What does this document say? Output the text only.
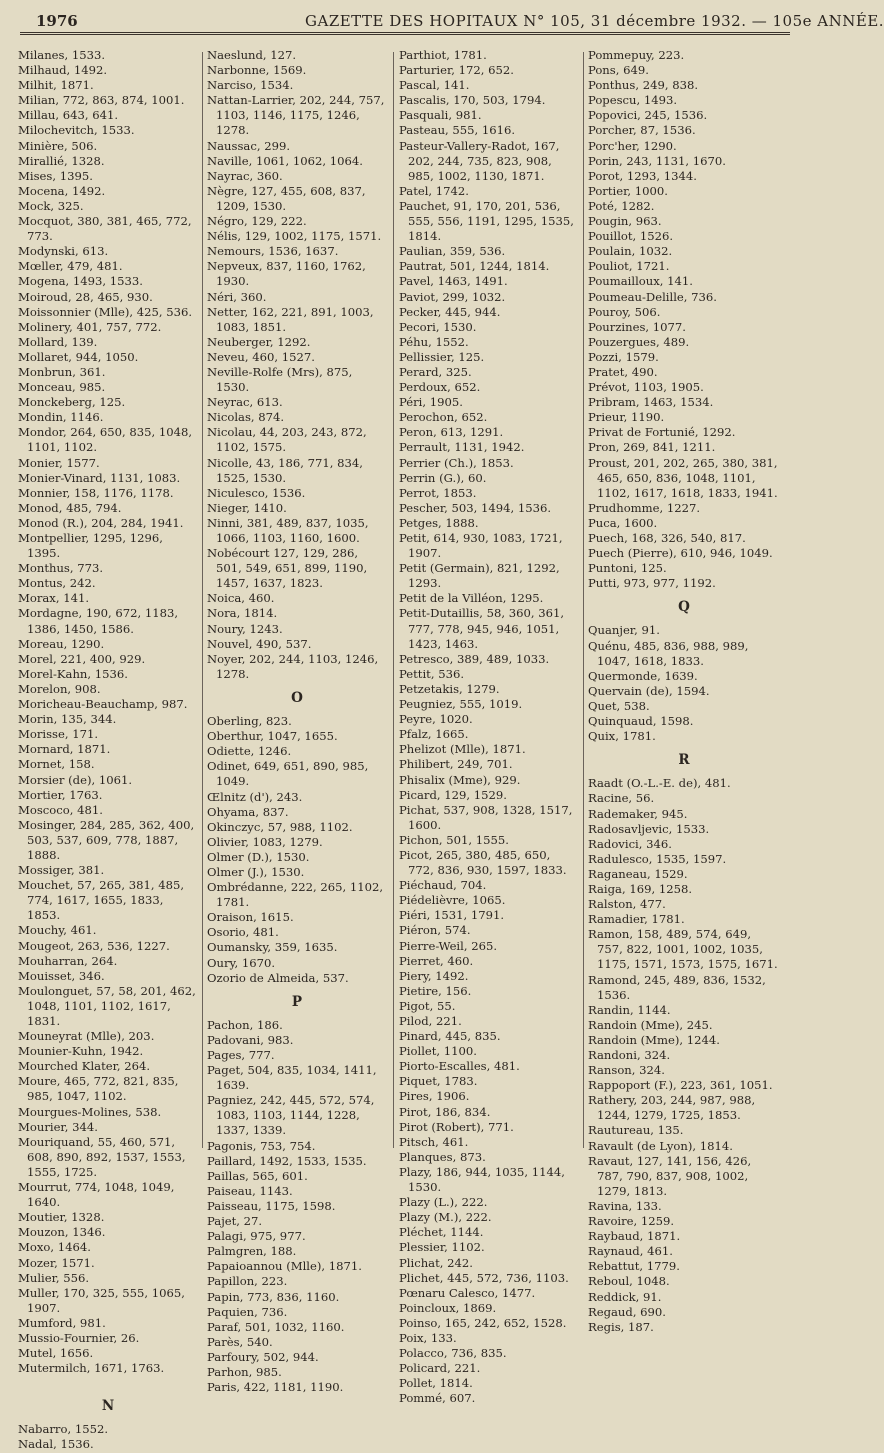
1976	GAZETTE DES HOPITAUX N° 105, 31 décembre 1932. — 105e ANNÉE.

Milanes, 1533.

Milhaud, 1492.

Milhit, 1871.

Milian, 772, 863, 874, 1001.

Millau, 643, 641.

Milochevitch, 1533.

Minière, 506.

Mirallié, 1328.

Mises, 1395.

Mocena, 1492.

Mock, 325.

Mocquot, 380, 381, 465, 772, 773.

Modynski, 613.

Mœller, 479, 481.

Mogena, 1493, 1533.

Moiroud, 28, 465, 930.

Moissonnier (Mlle), 425, 536.

Molinery, 401, 757, 772.

Mollard, 139.

Mollaret, 944, 1050.

Monbrun, 361.

Monceau, 985.

Monckeberg, 125.

Mondin, 1146.

Mondor, 264, 650, 835, 1048, 1101, 1102.

Monier, 1577.

Monier-Vinard, 1131, 1083.

Monnier, 158, 1176, 1178.

Monod, 485, 794.

Monod (R.), 204, 284, 1941.

Montpellier, 1295, 1296, 1395.

Monthus, 773.

Montus, 242.

Morax, 141.

Mordagne, 190, 672, 1183, 1386, 1450, 1586.

Moreau, 1290.

Morel, 221, 400, 929.

Morel-Kahn, 1536.

Morelon, 908.

Moricheau-Beauchamp, 987.

Morin, 135, 344.

Morisse, 171.

Mornard, 1871.

Mornet, 158.

Morsier (de), 1061.

Mortier, 1763.

Moscoco, 481.

Mosinger, 284, 285, 362, 400, 503, 537, 609, 778, 1887, 1888.

Mossiger, 381.

Mouchet, 57, 265, 381, 485, 774, 1617, 1655, 1833, 1853.

Mouchy, 461.

Mougeot, 263, 536, 1227.

Mouharran, 264.

Mouisset, 346.

Moulonguet, 57, 58, 201, 462, 1048, 1101, 1102, 1617, 1831.

Mouneyrat (Mlle), 203.

Mounier-Kuhn, 1942.

Mourched Klater, 264.

Moure, 465, 772, 821, 835, 985, 1047, 1102.

Mourgues-Molines, 538.

Mourier, 344.

Mouriquand, 55, 460, 571, 608, 890, 892, 1537, 1553, 1555, 1725.

Mourrut, 774, 1048, 1049, 1640.

Moutier, 1328.

Mouzon, 1346.

Moxo, 1464.

Mozer, 1571.

Mulier, 556.

Muller, 170, 325, 555, 1065, 1907.

Mumford, 981.

Mussio-Fournier, 26.

Mutel, 1656.

Mutermilch, 1671, 1763.

N

Nabarro, 1552.

Nadal, 1536.

Naeslund, 127.

Narbonne, 1569.

Narciso, 1534.

Nattan-Larrier, 202, 244, 757, 1103, 1146, 1175, 1246, 1278.

Naussac, 299.

Naville, 1061, 1062, 1064.

Nayrac, 360.

Nègre, 127, 455, 608, 837, 1209, 1530.

Négro, 129, 222.

Nélis, 129, 1002, 1175, 1571.

Nemours, 1536, 1637.

Nepveux, 837, 1160, 1762, 1930.

Néri, 360.

Netter, 162, 221, 891, 1003, 1083, 1851.

Neuberger, 1292.

Neveu, 460, 1527.

Neville-Rolfe (Mrs), 875, 1530.

Neyrac, 613.

Nicolas, 874.

Nicolau, 44, 203, 243, 872, 1102, 1575.

Nicolle, 43, 186, 771, 834, 1525, 1530.

Niculesco, 1536.

Nieger, 1410.

Ninni, 381, 489, 837, 1035, 1066, 1103, 1160, 1600.

Nobécourt 127, 129, 286, 501, 549, 651, 899, 1190, 1457, 1637, 1823.

Noica, 460.

Nora, 1814.

Noury, 1243.

Nouvel, 490, 537.

Noyer, 202, 244, 1103, 1246, 1278.

O

Oberling, 823.

Oberthur, 1047, 1655.

Odiette, 1246.

Odinet, 649, 651, 890, 985, 1049.

Œlnitz (d'), 243.

Ohyama, 837.

Okinczyc, 57, 988, 1102.

Olivier, 1083, 1279.

Olmer (D.), 1530.

Olmer (J.), 1530.

Ombrédanne, 222, 265, 1102, 1781.

Oraison, 1615.

Osorio, 481.

Oumansky, 359, 1635.

Oury, 1670.

Ozorio de Almeida, 537.

P

Pachon, 186.

Padovani, 983.

Pages, 777.

Paget, 504, 835, 1034, 1411, 1639.

Pagniez, 242, 445, 572, 574, 1083, 1103, 1144, 1228, 1337, 1339.

Pagonis, 753, 754.

Paillard, 1492, 1533, 1535.

Paillas, 565, 601.

Paiseau, 1143.

Paisseau, 1175, 1598.

Pajet, 27.

Palagi, 975, 977.

Palmgren, 188.

Papaioannou (Mlle), 1871.

Papillon, 223.

Papin, 773, 836, 1160.

Paquien, 736.

Paraf, 501, 1032, 1160.

Parès, 540.

Parfoury, 502, 944.

Parhon, 985.

Paris, 422, 1181, 1190.

Parthiot, 1781.

Parturier, 172, 652.

Pascal, 141.

Pascalis, 170, 503, 1794.

Pasquali, 981.

Pasteau, 555, 1616.

Pasteur-Vallery-Radot, 167, 202, 244, 735, 823, 908, 985, 1002, 1130, 1871.

Patel, 1742.

Pauchet, 91, 170, 201, 536, 555, 556, 1191, 1295, 1535, 1814.

Paulian, 359, 536.

Pautrat, 501, 1244, 1814.

Pavel, 1463, 1491.

Paviot, 299, 1032.

Pecker, 445, 944.

Pecori, 1530.

Péhu, 1552.

Pellissier, 125.

Perard, 325.

Perdoux, 652.

Péri, 1905.

Perochon, 652.

Peron, 613, 1291.

Perrault, 1131, 1942.

Perrier (Ch.), 1853.

Perrin (G.), 60.

Perrot, 1853.

Pescher, 503, 1494, 1536.

Petges, 1888.

Petit, 614, 930, 1083, 1721, 1907.

Petit (Germain), 821, 1292, 1293.

Petit de la Villéon, 1295.

Petit-Dutaillis, 58, 360, 361, 777, 778, 945, 946, 1051, 1423, 1463.

Petresco, 389, 489, 1033.

Pettit, 536.

Petzetakis, 1279.

Peugniez, 555, 1019.

Peyre, 1020.

Pfalz, 1665.

Phelizot (Mlle), 1871.

Philibert, 249, 701.

Phisalix (Mme), 929.

Picard, 129, 1529.

Pichat, 537, 908, 1328, 1517, 1600.

Pichon, 501, 1555.

Picot, 265, 380, 485, 650, 772, 836, 930, 1597, 1833.

Piéchaud, 704.

Piédelièvre, 1065.

Piéri, 1531, 1791.

Piéron, 574.

Pierre-Weil, 265.

Pierret, 460.

Piery, 1492.

Pietire, 156.

Pigot, 55.

Pilod, 221.

Pinard, 445, 835.

Piollet, 1100.

Piorto-Escalles, 481.

Piquet, 1783.

Pires, 1906.

Pirot, 186, 834.

Pirot (Robert), 771.

Pitsch, 461.

Planques, 873.

Plazy, 186, 944, 1035, 1144, 1530.

Plazy (L.), 222.

Plazy (M.), 222.

Pléchet, 1144.

Plessier, 1102.

Plichat, 242.

Plichet, 445, 572, 736, 1103.

Pœnaru Calesco, 1477.

Poincloux, 1869.

Poinso, 165, 242, 652, 1528.

Poix, 133.

Polacco, 736, 835.

Policard, 221.

Pollet, 1814.

Pommé, 607.

Pommepuy, 223.

Pons, 649.

Ponthus, 249, 838.

Popescu, 1493.

Popovici, 245, 1536.

Porcher, 87, 1536.

Porc'her, 1290.

Porin, 243, 1131, 1670.

Porot, 1293, 1344.

Portier, 1000.

Poté, 1282.

Pougin, 963.

Pouillot, 1526.

Poulain, 1032.

Pouliot, 1721.

Poumailloux, 141.

Poumeau-Delille, 736.

Pouroy, 506.

Pourzines, 1077.

Pouzergues, 489.

Pozzi, 1579.

Pratet, 490.

Prévot, 1103, 1905.

Pribram, 1463, 1534.

Prieur, 1190.

Privat de Fortunié, 1292.

Pron, 269, 841, 1211.

Proust, 201, 202, 265, 380, 381, 465, 650, 836, 1048, 1101, 1102, 1617, 1618, 1833, 1941.

Prudhomme, 1227.

Puca, 1600.

Puech, 168, 326, 540, 817.

Puech (Pierre), 610, 946, 1049.

Puntoni, 125.

Putti, 973, 977, 1192.

Q

Quanjer, 91.

Quénu, 485, 836, 988, 989, 1047, 1618, 1833.

Quermonde, 1639.

Quervain (de), 1594.

Quet, 538.

Quinquaud, 1598.

Quix, 1781.

R

Raadt (O.-L.-E. de), 481.

Racine, 56.

Rademaker, 945.

Radosavljevic, 1533.

Radovici, 346.

Radulesco, 1535, 1597.

Raganeau, 1529.

Raiga, 169, 1258.

Ralston, 477.

Ramadier, 1781.

Ramon, 158, 489, 574, 649, 757, 822, 1001, 1002, 1035, 1175, 1571, 1573, 1575, 1671.

Ramond, 245, 489, 836, 1532, 1536.

Randin, 1144.

Randoin (Mme), 245.

Randoin (Mme), 1244.

Randoni, 324.

Ranson, 324.

Rappoport (F.), 223, 361, 1051.

Rathery, 203, 244, 987, 988, 1244, 1279, 1725, 1853.

Rautureau, 135.

Ravault (de Lyon), 1814.

Ravaut, 127, 141, 156, 426, 787, 790, 837, 908, 1002, 1279, 1813.

Ravina, 133.

Ravoire, 1259.

Raybaud, 1871.

Raynaud, 461.

Rebattut, 1779.

Reboul, 1048.

Reddick, 91.

Regaud, 690.

Regis, 187.
